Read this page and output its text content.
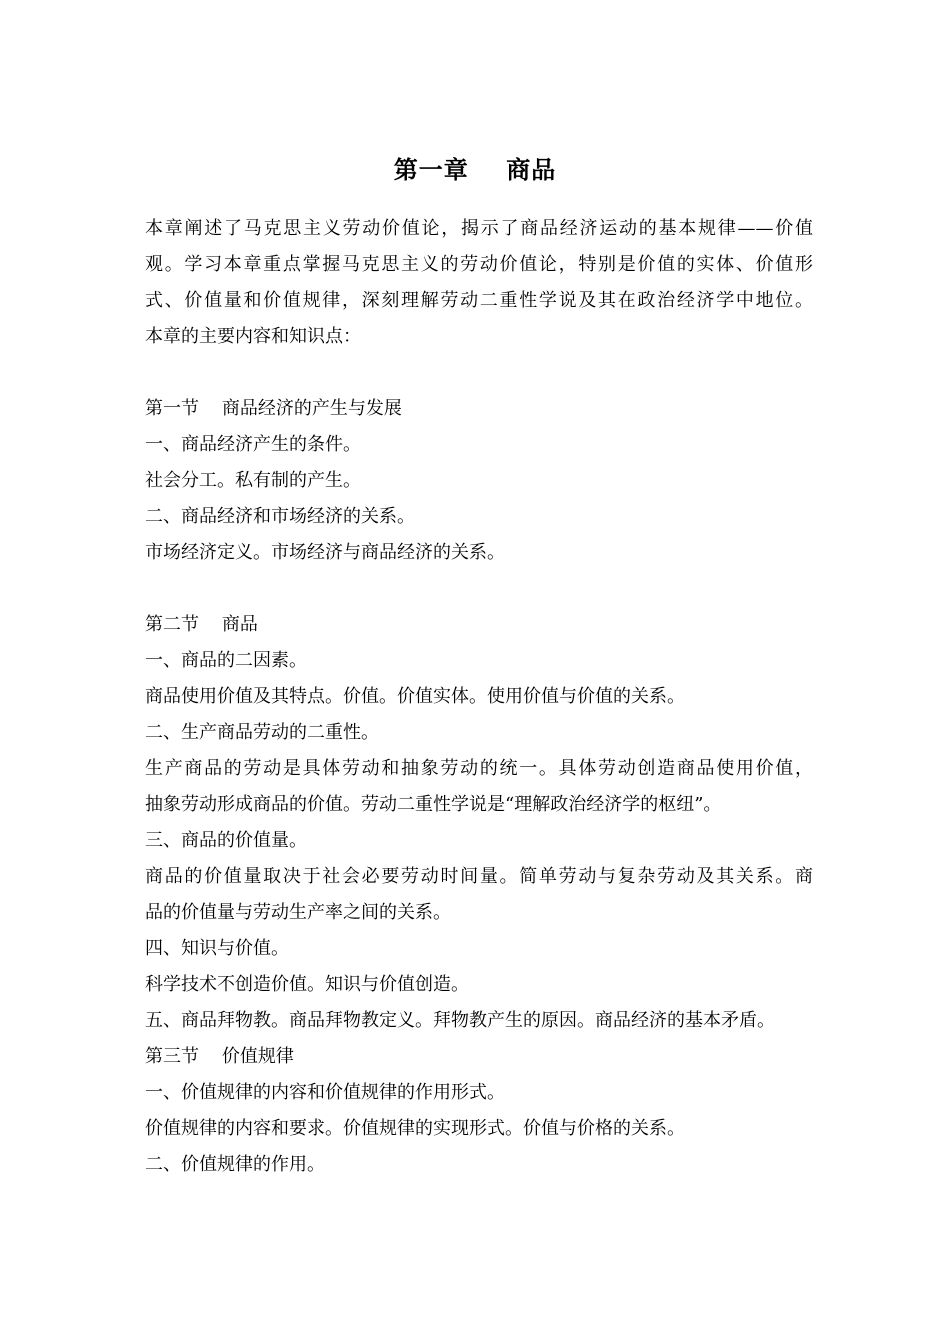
第一章    商品
本章阐述了马克思主义劳动价值论，揭示了商品经济运动的基本规律——价值
观。学习本章重点掌握马克思主义的劳动价值论，特别是价值的实体、价值形
式、价值量和价值规律，深刻理解劳动二重性学说及其在政治经济学中地位。
本章的主要内容和知识点：
第一节    商品经济的产生与发展
一、商品经济产生的条件。
社会分工。私有制的产生。
二、商品经济和市场经济的关系。
市场经济定义。市场经济与商品经济的关系。
第二节    商品
一、商品的二因素。
商品使用价值及其特点。价值。价值实体。使用价值与价值的关系。
二、生产商品劳动的二重性。
生产商品的劳动是具体劳动和抽象劳动的统一。具体劳动创造商品使用价值，
抽象劳动形成商品的价值。劳动二重性学说是“理解政治经济学的枢纽”。
三、商品的价值量。
商品的价值量取决于社会必要劳动时间量。简单劳动与复杂劳动及其关系。商
品的价值量与劳动生产率之间的关系。
四、知识与价值。
科学技术不创造价值。知识与价值创造。
五、商品拜物教。商品拜物教定义。拜物教产生的原因。商品经济的基本矛盾。
第三节    价值规律
一、价值规律的内容和价值规律的作用形式。
价值规律的内容和要求。价值规律的实现形式。价值与价格的关系。
二、价值规律的作用。
